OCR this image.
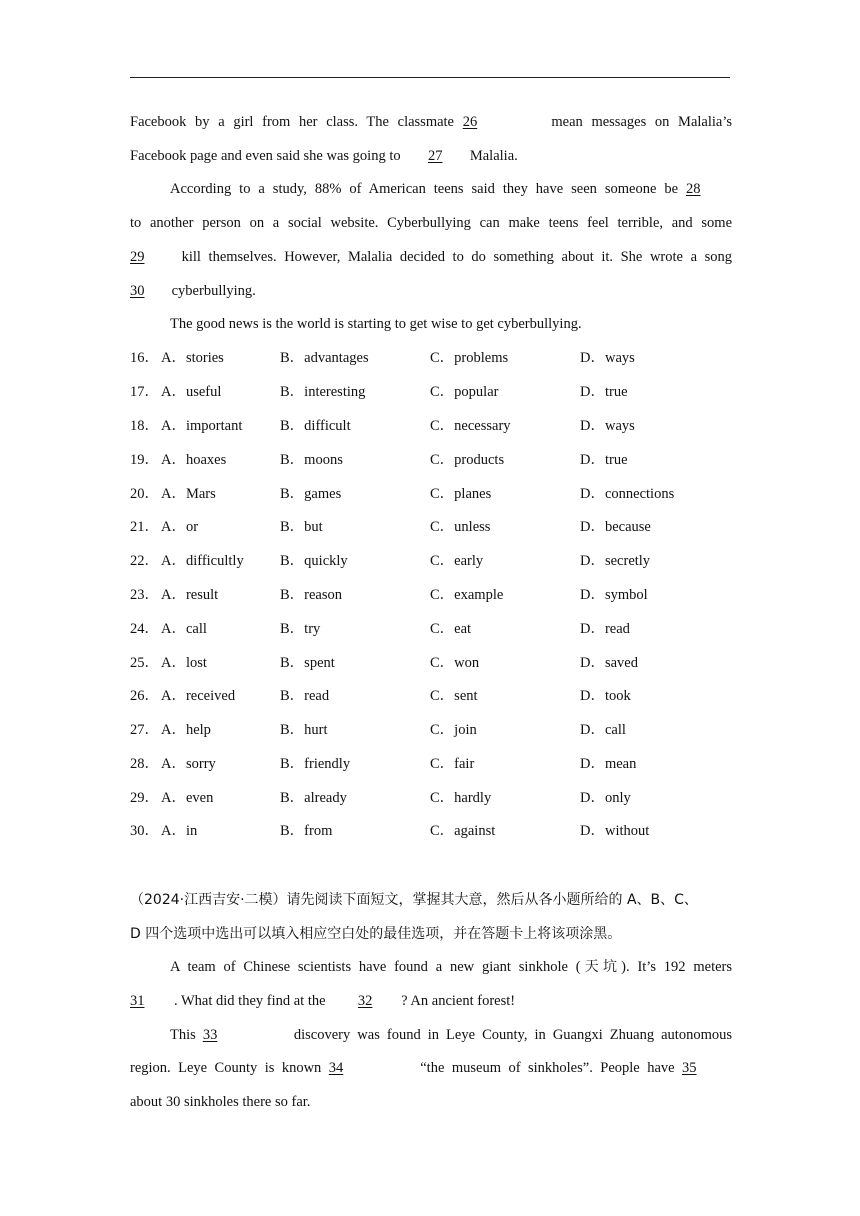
Facebook by a girl from her class. The classmate 26	mean messages on Malalia’s
Facebook page and even said she was going to 27 Malalia.
According to a study, 88% of American teens said they have seen someone be 28
to another person on a social website. Cyberbullying can make teens feel terrible, and some
29	kill themselves. However, Malalia decided to do something about it. She wrote a song
30 cyberbullying.
The good news is the world is starting to get wise to get cyberbullying.
16． A．stories	B．advantages	C．problems	D．ways
17． A．useful	B．interesting	C．popular	D．true
18． A．important	B．difficult	C．necessary	D．ways
19． A．hoaxes	B．moons	C．products	D．true
20． A．Mars	B．games	C．planes	D．connections
21． A．or	B．but	C．unless	D．because
22． A．difficultly	B．quickly	C．early	D．secretly
23． A．result	B．reason	C．example	D．symbol
24． A．call	B．try	C．eat	D．read
25． A．lost	B．spent	C．won	D．saved
26． A．received	B．read	C．sent	D．took
27． A．help	B．hurt	C．join	D．call
28． A．sorry	B．friendly	C．fair	D．mean
29． A．even	B．already	C．hardly	D．only
30． A．in	B．from	C．against	D．without
（2024·江西吉安·二模）请先阅读下面短文，掌握其大意，然后从各小题所给的 A、B、C、
D 四个选项中选出可以填入相应空白处的最佳选项，并在答题卡上将该项涂黑。
A team of Chinese scientists have found a new giant sinkhole (天坑). It’s 192 meters
31 . What did they find at the 32 ? An ancient forest!
This 33	discovery was found in Leye County, in Guangxi Zhuang autonomous
region. Leye County is known 34	“the museum of sinkholes”. People have 35
about 30 sinkholes there so far.
